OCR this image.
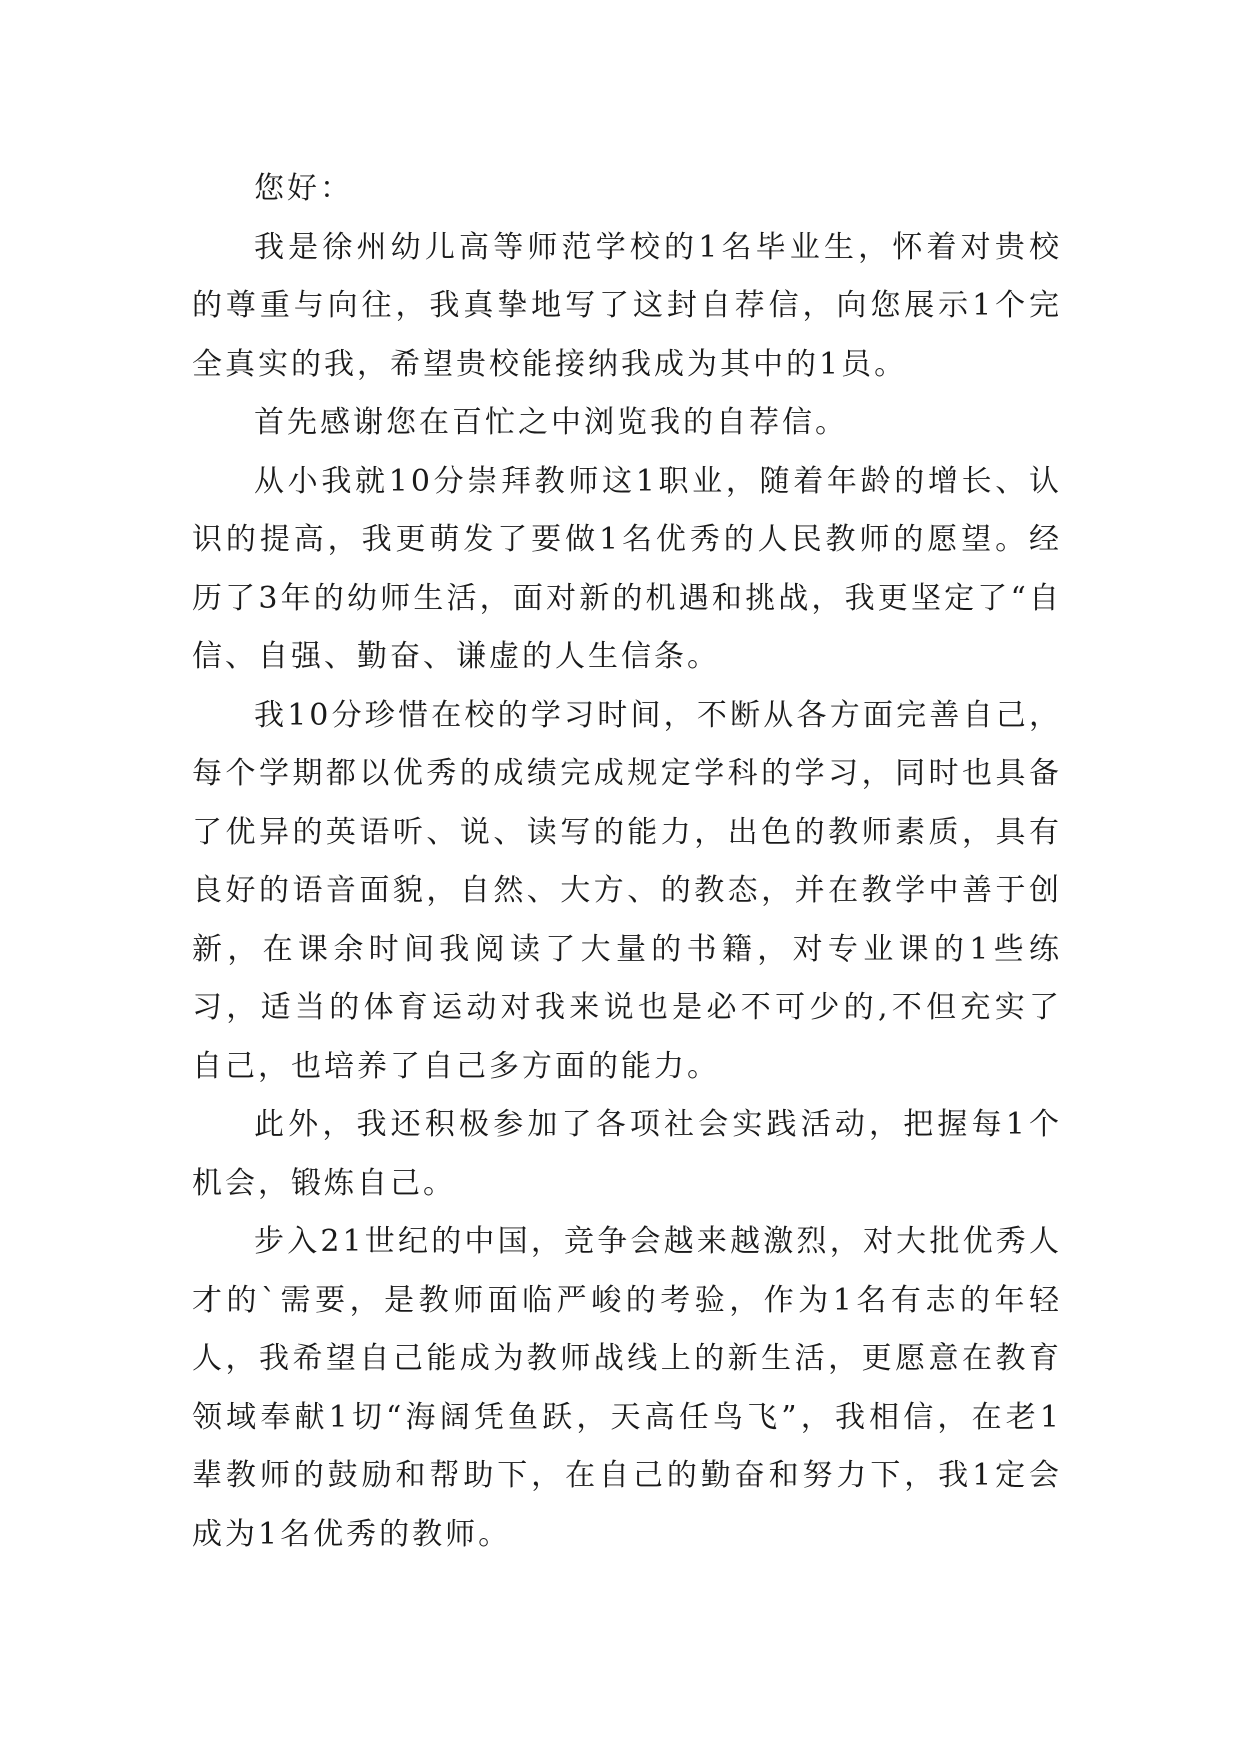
您好：

我是徐州幼儿高等师范学校的1名毕业生，怀着对贵校的尊重与向往，我真挚地写了这封自荐信，向您展示1个完全真实的我，希望贵校能接纳我成为其中的1员。

首先感谢您在百忙之中浏览我的自荐信。

从小我就10分崇拜教师这1职业，随着年龄的增长、认识的提高，我更萌发了要做1名优秀的人民教师的愿望。经历了3年的幼师生活，面对新的机遇和挑战，我更坚定了“自信、自强、勤奋、谦虚的人生信条。

我10分珍惜在校的学习时间，不断从各方面完善自己，每个学期都以优秀的成绩完成规定学科的学习，同时也具备了优异的英语听、说、读写的能力，出色的教师素质，具有良好的语音面貌，自然、大方、的教态，并在教学中善于创新，在课余时间我阅读了大量的书籍，对专业课的1些练习，适当的体育运动对我来说也是必不可少的,不但充实了自己，也培养了自己多方面的能力。

此外，我还积极参加了各项社会实践活动，把握每1个机会，锻炼自己。

步入21世纪的中国，竞争会越来越激烈，对大批优秀人才的`需要，是教师面临严峻的考验，作为1名有志的年轻人，我希望自己能成为教师战线上的新生活，更愿意在教育领域奉献1切“海阔凭鱼跃，天高任鸟飞”，我相信，在老1辈教师的鼓励和帮助下，在自己的勤奋和努力下，我1定会成为1名优秀的教师。
